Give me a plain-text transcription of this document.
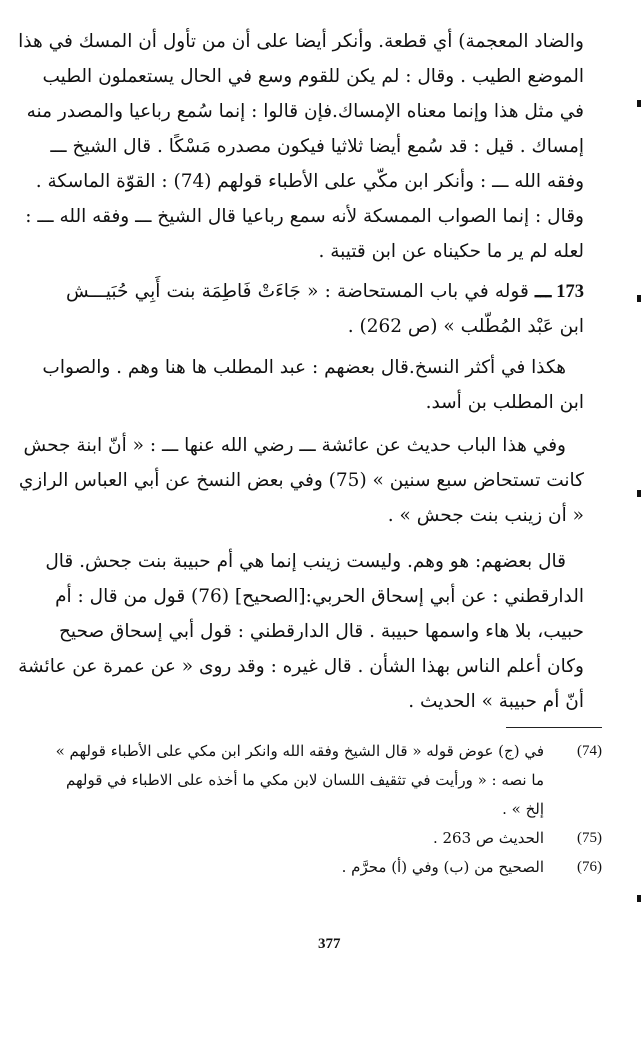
والضاد المعجمة) أي قطعة. وأنكر أيضا على أن من تأول أن المسك في هذا
الموضع الطيب . وقال : لم يكن للقوم وسع في الحال يستعملون الطيب
في مثل هذا وإنما معناه الإمساك.فإن قالوا : إنما سُمع رباعيا والمصدر منه
إمساك . قيل : قد سُمع أيضا ثلاثيا فيكون مصدره مَسْكًا . قال الشيخ ـــ
وفقه الله ـــ : وأنكر ابن مكّي على الأطباء قولهم (74) : القوّة الماسكة .
وقال : إنما الصواب الممسكة لأنه سمع رباعيا قال الشيخ ـــ وفقه الله ـــ :
لعله لم ير ما حكيناه عن ابن قتيبة .
173 ـــ قوله في باب المستحاضة : « جَاءَتْ فَاطِمَة بنت أَبِي حُبَيـــش
ابن عَبْد المُطّلب » (ص 262) .
هكذا في أكثر النسخ.قال بعضهم : عبد المطلب ها هنا وهم . والصواب
ابن المطلب بن أسد.
وفي هذا الباب حديث عن عائشة ـــ رضي الله عنها ـــ : « أنّ ابنة جحش
كانت تستحاض سبع سنين » (75) وفي بعض النسخ عن أبي العباس الرازي
« أن زينب بنت جحش » .
قال بعضهم: هو وهم. وليست زينب إنما هي أم حبيبة بنت جحش. قال
الدارقطني : عن أبي إسحاق الحربي:[الصحيح] (76) قول من قال : أم
حبيب، بلا هاء واسمها حبيبة . قال الدارقطني : قول أبي إسحاق صحيح
وكان أعلم الناس بهذا الشأن . قال غيره : وقد روى « عن عمرة عن عائشة
أنّ أم حبيبة » الحديث .
(74)
في (ج) عوض قوله « قال الشيخ وفقه الله وانكر ابن مكي على الأطباء قولهم »
ما نصه : « ورأيت في تثقيف اللسان لابن مكي ما أخذه على الاطباء في قولهم
إلخ » .
(75)
الحديث ص 263 .
(76)
الصحيح من (ب) وفي (أ) محرَّم .
377
